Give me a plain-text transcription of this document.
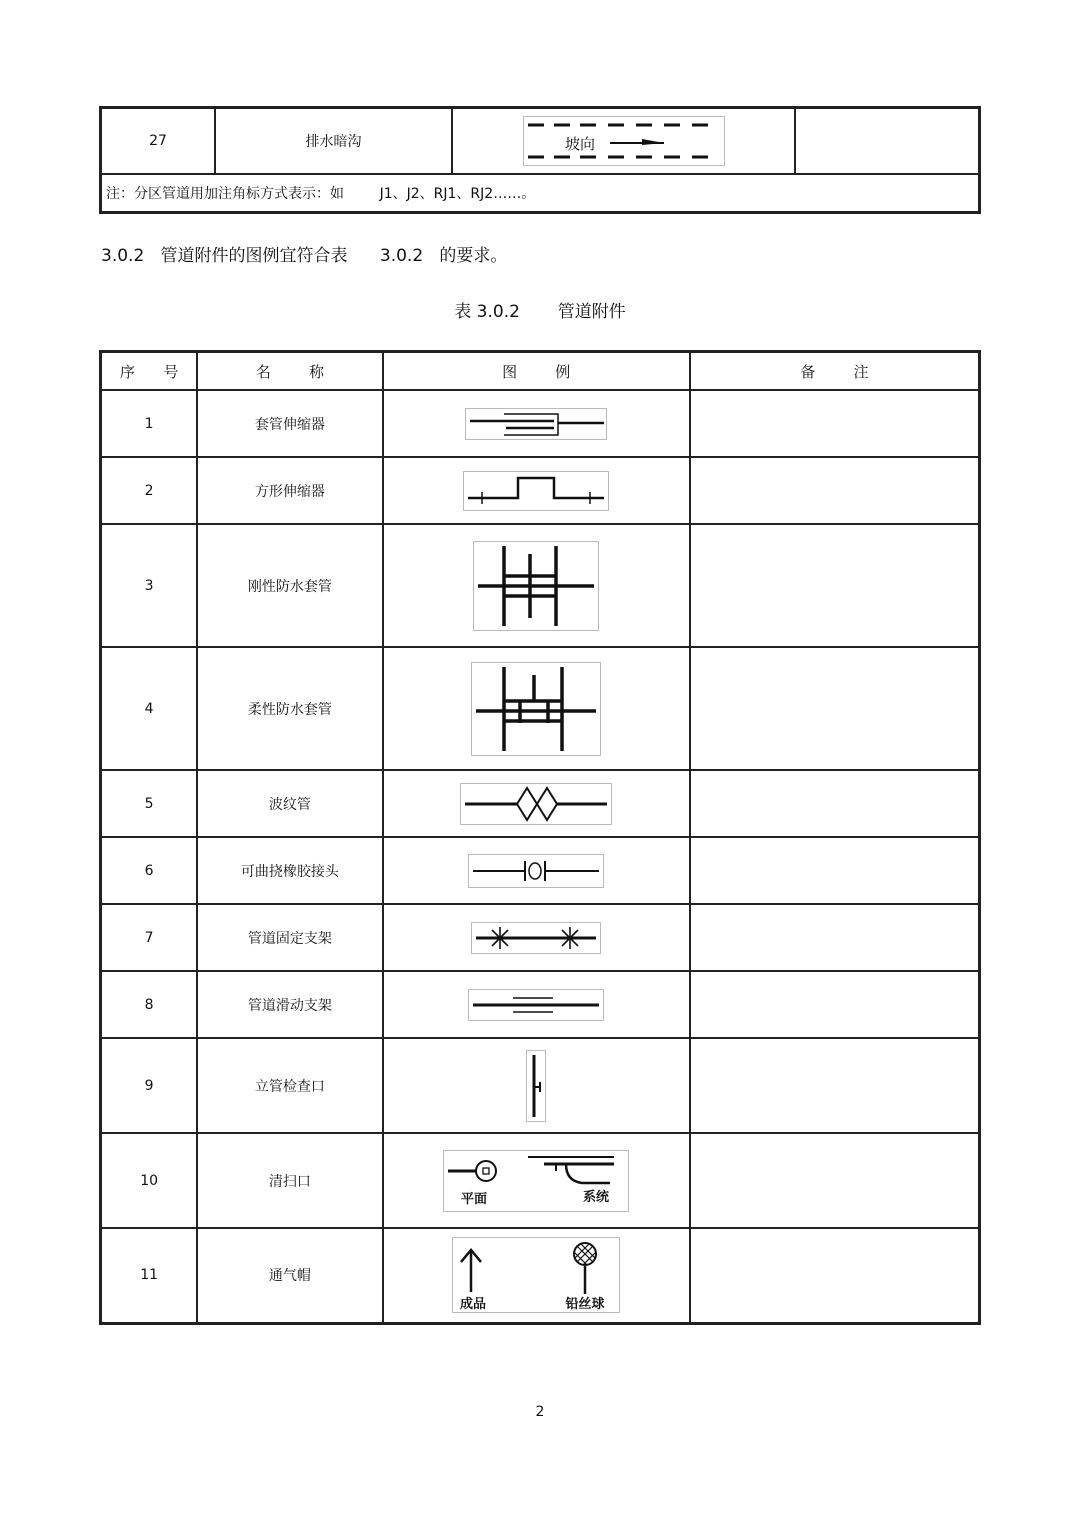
27	排水暗沟	坡向

注：分区管道用加注角标方式表示：如        J1、J2、RJ1、RJ2……。
3.0.2   管道附件的图例宜符合表      3.0.2   的要求。
表 3.0.2       管道附件
序      号	名        称	图        例	备        注
1	套管伸缩器	

2	方形伸缩器	

3	刚性防水套管	

4	柔性防水套管	

5	波纹管	

6	可曲挠橡胶接头	

7	管道固定支架	

8	管道滑动支架	

9	立管检查口	

10	清扫口	平面 系统	

11	通气帽	成品 铅丝球	

2
